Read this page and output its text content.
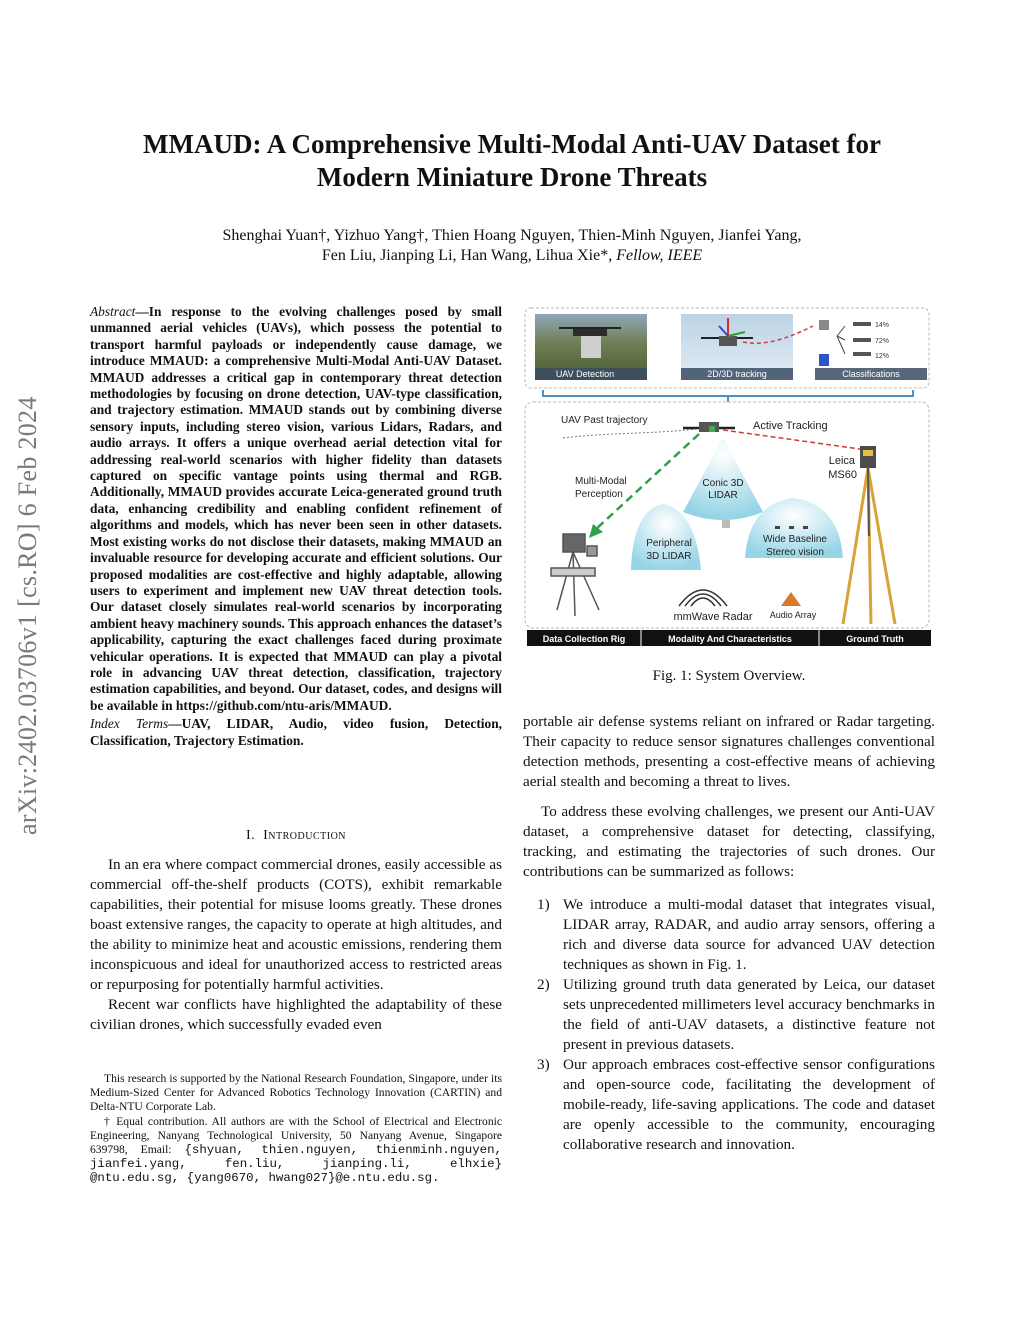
arXiv:2402.03706v1 [cs.RO] 6 Feb 2024
MMAUD: A Comprehensive Multi-Modal Anti-UAV Dataset for
Modern Miniature Drone Threats
Shenghai Yuan†, Yizhuo Yang†, Thien Hoang Nguyen, Thien-Minh Nguyen, Jianfei Yang,
Fen Liu, Jianping Li, Han Wang, Lihua Xie*, Fellow, IEEE
Abstract—In response to the evolving challenges posed by small unmanned aerial vehicles (UAVs), which possess the potential to transport harmful payloads or independently cause damage, we introduce MMAUD: a comprehensive Multi-Modal Anti-UAV Dataset. MMAUD addresses a critical gap in contemporary threat detection methodologies by focusing on drone detection, UAV-type classification, and trajectory estimation. MMAUD stands out by combining diverse sensory inputs, including stereo vision, various Lidars, Radars, and audio arrays. It offers a unique overhead aerial detection vital for addressing real-world scenarios with higher fidelity than datasets captured on specific vantage points using thermal and RGB. Additionally, MMAUD provides accurate Leica-generated ground truth data, enhancing credibility and enabling confident refinement of algorithms and models, which has never been seen in other datasets. Most existing works do not disclose their datasets, making MMAUD an invaluable resource for developing accurate and efficient solutions. Our proposed modalities are cost-effective and highly adaptable, allowing users to experiment and implement new UAV threat detection tools. Our dataset closely simulates real-world scenarios by incorporating ambient heavy machinery sounds. This approach enhances the dataset’s applicability, capturing the exact challenges faced during proximate vehicular operations. It is expected that MMAUD can play a pivotal role in advancing UAV threat detection, classification, trajectory estimation capabilities, and beyond. Our dataset, codes, and designs will be available in https://github.com/ntu-aris/MMAUD.
Index Terms—UAV, LIDAR, Audio, video fusion, Detection, Classification, Trajectory Estimation.
I. Introduction

In an era where compact commercial drones, easily accessible as commercial off-the-shelf products (COTS), exhibit remarkable capabilities, their potential for misuse looms greatly. These drones boast extensive ranges, the capacity to operate at high altitudes, and the ability to minimize heat and acoustic emissions, rendering them inconspicuous and ideal for unauthorized access to restricted areas or repurposing for potentially harmful activities.

Recent war conflicts have highlighted the adaptability of these civilian drones, which successfully evaded even

This research is supported by the National Research Foundation, Singapore, under its Medium-Sized Center for Advanced Robotics Technology Innovation (CARTIN) and Delta-NTU Corporate Lab.

† Equal contribution. All authors are with the School of Electrical and Electronic Engineering, Nanyang Technological University, 50 Nanyang Avenue, Singapore 639798, Email: {shyuan, thien.nguyen, thienminh.nguyen, jianfei.yang, fen.liu, jianping.li, elhxie} @ntu.edu.sg, {yang0670, hwang027}@e.ntu.edu.sg.

UAV Detection	2D/3D tracking
14%
72%
12%
Classifications
UAV Past trajectory	Active Tracking
Conic 3D
LIDAR
Peripheral
3D LIDAR
Wide Baseline
Stereo vision
mmWave Radar Audio Array
Leica
MS60
Multi-Modal
Perception
Data Collection Rig	Modality And Characteristics	Ground Truth
Fig. 1: System Overview.

portable air defense systems reliant on infrared or Radar targeting. Their capacity to reduce sensor signatures challenges conventional detection methods, presenting a cost-effective means of achieving aerial stealth and becoming a threat to lives.

To address these evolving challenges, we present our Anti-UAV dataset, a comprehensive dataset for detecting, classifying, tracking, and estimating the trajectories of such drones. Our contributions can be summarized as follows:

1) We introduce a multi-modal dataset that integrates visual, LIDAR array, RADAR, and audio array sensors, offering a rich and diverse data source for advanced UAV detection techniques as shown in Fig. 1.
2) Utilizing ground truth data generated by Leica, our dataset sets unprecedented millimeters level accuracy benchmarks in the field of anti-UAV datasets, a distinctive feature not present in previous datasets.
3) Our approach embraces cost-effective sensor configurations and open-source code, facilitating the development of mobile-ready, life-saving applications. The code and dataset are openly accessible to the community, encouraging collaborative research and innovation.
